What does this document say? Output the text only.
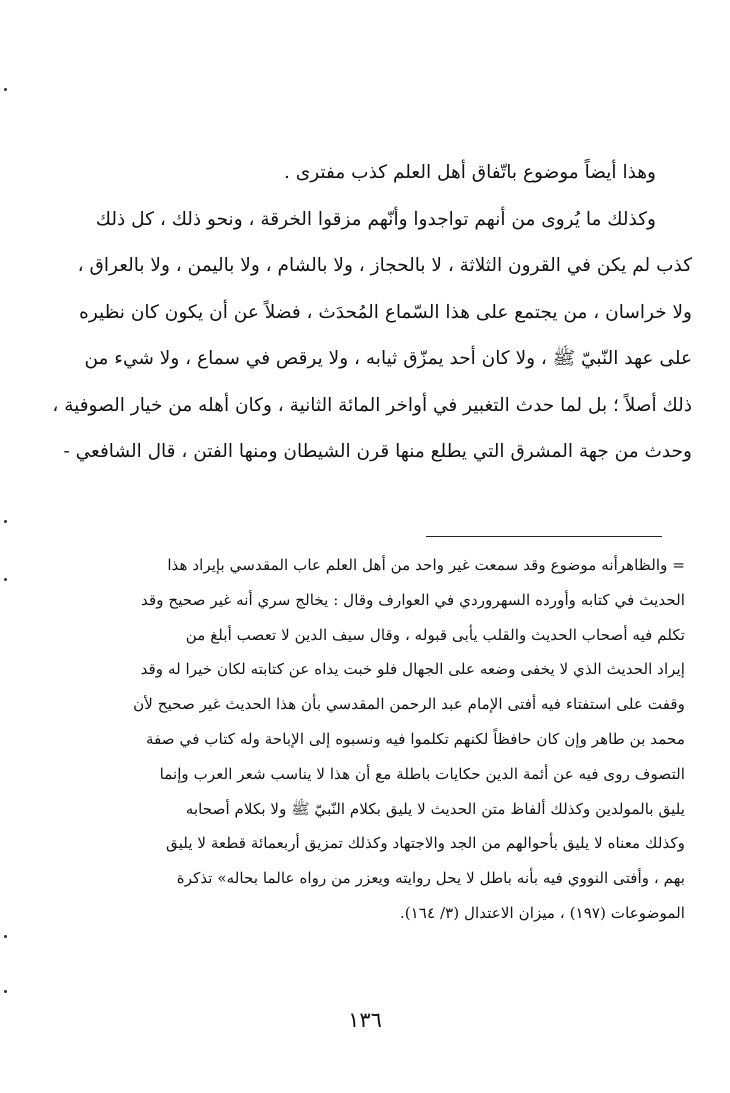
وهذا أيضاً موضوع باتّفاق أهل العلم كذب مفترى .
وكذلك ما يُروى من أنهم تواجدوا وأنّهم مزقوا الخرقة ، ونحو ذلك ، كل ذلك
كذب لم يكن في القرون الثلاثة ، لا بالحجاز ، ولا بالشام ، ولا باليمن ، ولا بالعراق ،
ولا خراسان ، من يجتمع على هذا السّماع المُحدَث ، فضلاً عن أن يكون كان نظيره
على عهد النّبيّ ﷺ ، ولا كان أحد يمزّق ثيابه ، ولا يرقص في سماع ، ولا شيء من
ذلك أصلاً ؛ بل لما حدث التغبير في أواخر المائة الثانية ، وكان أهله من خيار الصوفية ،
وحدث من جهة المشرق التي يطلع منها قرن الشيطان ومنها الفتن ، قال الشافعي -
= والظاهرأنه موضوع وقد سمعت غير واحد من أهل العلم عاب المقدسي بإيراد هذا
الحديث في كتابه وأورده السهروردي في العوارف وقال : يخالج سري أنه غير صحيح وقد
تكلم فيه أصحاب الحديث والقلب يأبى قبوله ، وقال سيف الدين لا تعصب أبلغ من
إيراد الحديث الذي لا يخفى وضعه على الجهال فلو خبت يداه عن كتابته لكان خيرا له وقد
وقفت على استفتاء فيه أفتى الإمام عبد الرحمن المقدسي بأن هذا الحديث غير صحيح لأن
محمد بن طاهر وإن كان حافظاً لكنهم تكلموا فيه ونسبوه إلى الإباحة وله كتاب في صفة
التصوف روى فيه عن أئمة الدين حكايات باطلة مع أن هذا لا يناسب شعر العرب وإنما
يليق بالمولدين وكذلك ألفاظ متن الحديث لا يليق بكلام النّبيّ ﷺ ولا بكلام أصحابه
وكذلك معناه لا يليق بأحوالهم من الجد والاجتهاد وكذلك تمزيق أربعمائة قطعة لا يليق
بهم ، وأفتى النووي فيه بأنه باطل لا يحل روايته ويعزر من رواه عالما بحاله» تذكرة
الموضوعات (١٩٧) ، ميزان الاعتدال (٣/ ١٦٤).
١٣٦
